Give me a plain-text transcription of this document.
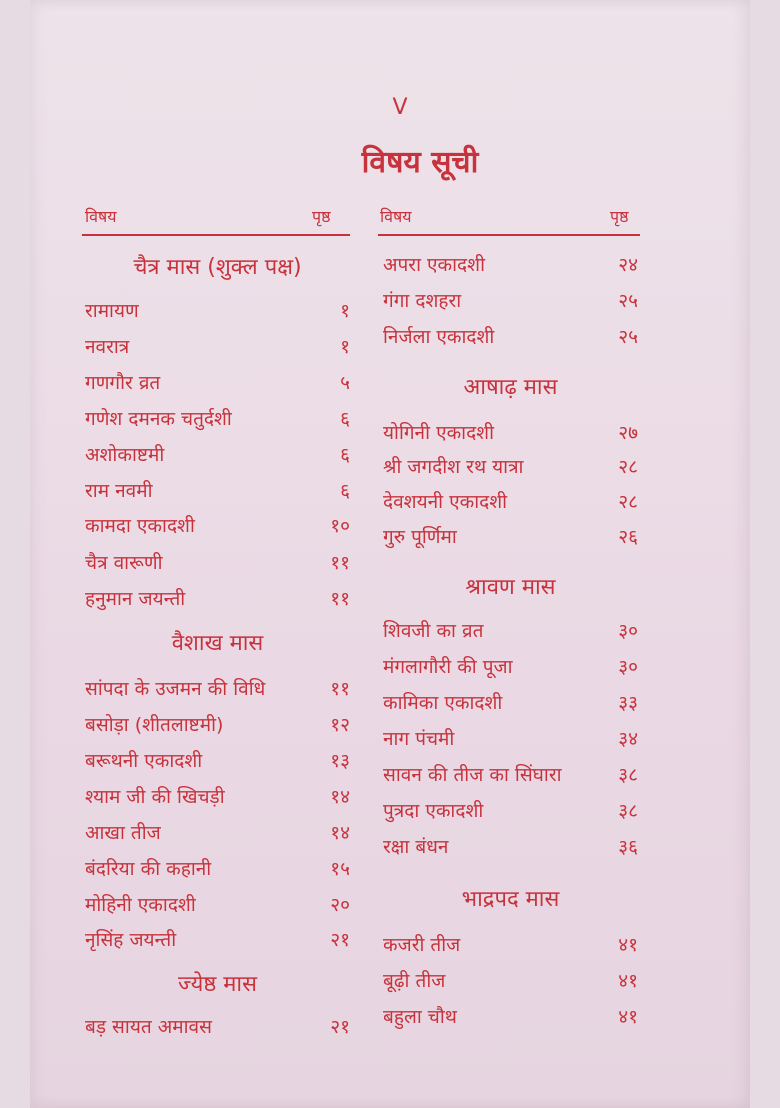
V
विषय सूची
विषय	पृष्ठ	विषय	पृष्ठ
चैत्र मास (शुक्ल पक्ष)
रामायण	१
नवरात्र	१
गणगौर व्रत	५
गणेश दमनक चतुर्दशी	६
अशोकाष्टमी	६
राम नवमी	६
कामदा एकादशी	१०
चैत्र वारूणी	११
हनुमान जयन्ती	११
वैशाख मास
सांपदा के उजमन की विधि	११
बसोड़ा (शीतलाष्टमी)	१२
बरूथनी एकादशी	१३
श्याम जी की खिचड़ी	१४
आखा तीज	१४
बंदरिया की कहानी	१५
मोहिनी एकादशी	२०
नृसिंह जयन्ती	२१
ज्येष्ठ मास
बड़ सायत अमावस	२१
अपरा एकादशी	२४
गंगा दशहरा	२५
निर्जला एकादशी	२५
आषाढ़ मास
योगिनी एकादशी	२७
श्री जगदीश रथ यात्रा	२८
देवशयनी एकादशी	२८
गुरु पूर्णिमा	२६
श्रावण मास
शिवजी का व्रत	३०
मंगलागौरी की पूजा	३०
कामिका एकादशी	३३
नाग पंचमी	३४
सावन की तीज का सिंघारा	३८
पुत्रदा एकादशी	३८
रक्षा बंधन	३६
भाद्रपद मास
कजरी तीज	४१
बूढ़ी तीज	४१
बहुला चौथ	४१
